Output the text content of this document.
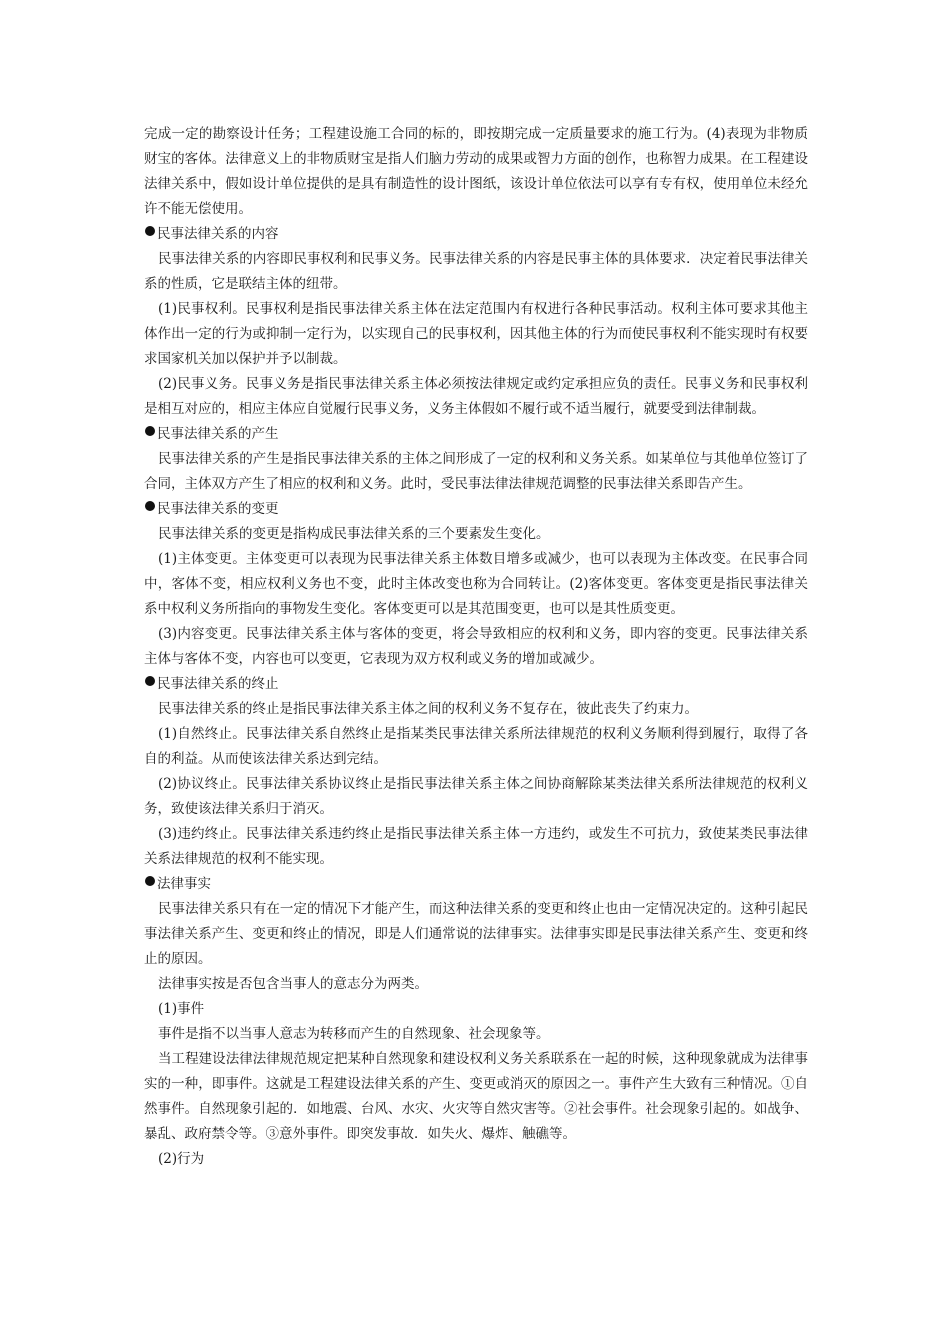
完成一定的勘察设计任务；工程建设施工合同的标的，即按期完成一定质量要求的施工行为。(4)表现为非物质财宝的客体。法律意义上的非物质财宝是指人们脑力劳动的成果或智力方面的创作，也称智力成果。在工程建设法律关系中，假如设计单位提供的是具有制造性的设计图纸，该设计单位依法可以享有专有权，使用单位未经允许不能无偿使用。

民事法律关系的内容

民事法律关系的内容即民事权利和民事义务。民事法律关系的内容是民事主体的具体要求．决定着民事法律关系的性质，它是联结主体的纽带。

(1)民事权利。民事权利是指民事法律关系主体在法定范围内有权进行各种民事活动。权利主体可要求其他主体作出一定的行为或抑制一定行为，以实现自己的民事权利，因其他主体的行为而使民事权利不能实现时有权要求国家机关加以保护并予以制裁。

(2)民事义务。民事义务是指民事法律关系主体必须按法律规定或约定承担应负的责任。民事义务和民事权利是相互对应的，相应主体应自觉履行民事义务，义务主体假如不履行或不适当履行，就要受到法律制裁。

民事法律关系的产生

民事法律关系的产生是指民事法律关系的主体之间形成了一定的权利和义务关系。如某单位与其他单位签订了合同，主体双方产生了相应的权利和义务。此时，受民事法律法律规范调整的民事法律关系即告产生。

民事法律关系的变更

民事法律关系的变更是指构成民事法律关系的三个要素发生变化。

(1)主体变更。主体变更可以表现为民事法律关系主体数目增多或减少，也可以表现为主体改变。在民事合同中，客体不变，相应权利义务也不变，此时主体改变也称为合同转让。(2)客体变更。客体变更是指民事法律关系中权利义务所指向的事物发生变化。客体变更可以是其范围变更，也可以是其性质变更。

(3)内容变更。民事法律关系主体与客体的变更，将会导致相应的权利和义务，即内容的变更。民事法律关系主体与客体不变，内容也可以变更，它表现为双方权利或义务的增加或减少。

民事法律关系的终止

民事法律关系的终止是指民事法律关系主体之间的权利义务不复存在，彼此丧失了约束力。

(1)自然终止。民事法律关系自然终止是指某类民事法律关系所法律规范的权利义务顺利得到履行，取得了各自的利益。从而使该法律关系达到完结。

(2)协议终止。民事法律关系协议终止是指民事法律关系主体之间协商解除某类法律关系所法律规范的权利义务，致使该法律关系归于消灭。

(3)违约终止。民事法律关系违约终止是指民事法律关系主体一方违约，或发生不可抗力，致使某类民事法律关系法律规范的权利不能实现。

法律事实

民事法律关系只有在一定的情况下才能产生，而这种法律关系的变更和终止也由一定情况决定的。这种引起民事法律关系产生、变更和终止的情况，即是人们通常说的法律事实。法律事实即是民事法律关系产生、变更和终止的原因。

法律事实按是否包含当事人的意志分为两类。

(1)事件

事件是指不以当事人意志为转移而产生的自然现象、社会现象等。

当工程建设法律法律规范规定把某种自然现象和建设权利义务关系联系在一起的时候，这种现象就成为法律事实的一种，即事件。这就是工程建设法律关系的产生、变更或消灭的原因之一。事件产生大致有三种情况。①自然事件。自然现象引起的．如地震、台风、水灾、火灾等自然灾害等。②社会事件。社会现象引起的。如战争、暴乱、政府禁令等。③意外事件。即突发事故．如失火、爆炸、触礁等。

(2)行为
